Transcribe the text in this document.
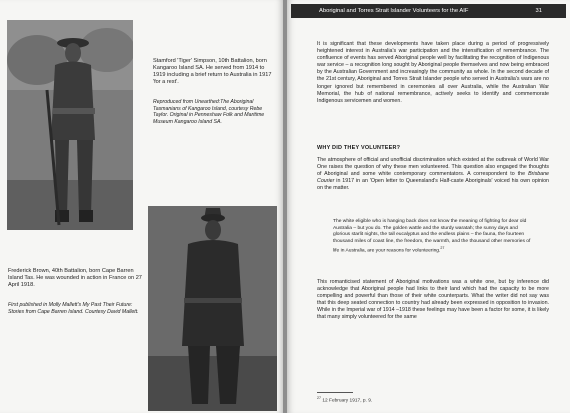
Stamford 'Tiger' Simpson, 10th Battalion, born Kangaroo Island SA. He served from 1914 to 1919 including a brief return to Australia in 1917 'for a rest'.
Reproduced from Unearthed:The Aboriginal Tasmanians of Kangaroo Island, courtesy Rebe Taylor. Original in Penneshaw Folk and Maritime Museum Kangaroo Island SA.
Frederick Brown, 40th Battalion, born Cape Barren Island Tas. He was wounded in action in France on 27 April 1918.
First published in Molly Mallett's My Past Their Future: Stories from Cape Barren Island. Courtesy David Mallett.
Aboriginal and Torres Strait Islander Volunteers for the AIF	31

It is significant that these developments have taken place during a period of progressively heightened interest in Australia's war participation and the intensification of remembrance. The confluence of events has served Aboriginal people well by facilitating the recognition of Indigenous war service – a recognition long sought by Aboriginal people themselves and now being embraced by the Australian Government and increasingly the community as whole. In the second decade of the 21st century, Aboriginal and Torres Strait Islander people who served in Australia's wars are no longer ignored but remembered in ceremonies all over Australia, while the Australian War Memorial, the hub of national remembrance, actively seeks to identify and commemorate Indigenous servicemen and women.

WHY DID THEY VOLUNTEER?

The atmosphere of official and unofficial discrimination which existed at the outbreak of World War One raises the question of why these men volunteered. This question also engaged the thoughts of Aboriginal and some white contemporary commentators. A correspondent to the Brisbane Courier in 1917 in an 'Open letter to Queensland's Half-caste Aboriginals' voiced his own opinion on the matter.

The white eligible who is hanging back does not know the meaning of fighting for dear old Australia – but you do. The golden wattle and the sturdy waratah; the sunny days and glorious starlit nights, the tall eucalyptus and the endless plains – the fauna, the fourteen thousand miles of coast line, the freedom, the warmth, and the thousand other memories of life in Australia, are your reasons for volunteering.$^{27}$

This romanticised statement of Aboriginal motivations was a white one, but by inference did acknowledge that Aboriginal people had links to their land which had the capacity to be more compelling and powerful than those of their white counterparts. What the writer did not say was that this deep seated connection to country had already been expressed in opposition to invasion. While in the Imperial war of 1914 –1918 these feelings may have been a factor for some, it is likely that many simply volunteered for the same

$^{27}$ 12 February 1917, p. 9.
